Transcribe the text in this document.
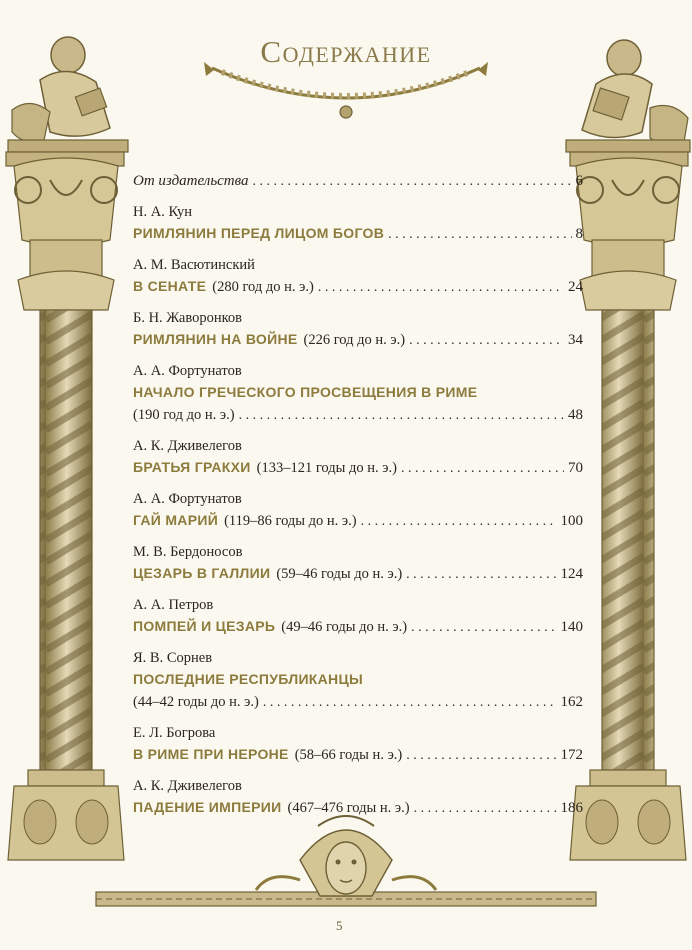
Содержание
От издательства . . .	6
Н. А. Кун
РИМЛЯНИН ПЕРЕД ЛИЦОМ БОГОВ . . .	8
А. М. Васютинский
В СЕНАТЕ (280 год до н. э.) . . .	24
Б. Н. Жаворонков
РИМЛЯНИН НА ВОЙНЕ (226 год до н. э.) . . .	34
А. А. Фортунатов
НАЧАЛО ГРЕЧЕСКОГО ПРОСВЕЩЕНИЯ В РИМЕ
(190 год до н. э.) . . .	48
А. К. Дживелегов
БРАТЬЯ ГРАКХИ (133–121 годы до н. э.) . . .	70
А. А. Фортунатов
ГАЙ МАРИЙ (119–86 годы до н. э.) . . .	100
М. В. Бердоносов
ЦЕЗАРЬ В ГАЛЛИИ (59–46 годы до н. э.) . . .	124
А. А. Петров
ПОМПЕЙ И ЦЕЗАРЬ (49–46 годы до н. э.) . . .	140
Я. В. Сорнев
ПОСЛЕДНИЕ РЕСПУБЛИКАНЦЫ
(44–42 годы до н. э.) . . .	162
Е. Л. Богрова
В РИМЕ ПРИ НЕРОНЕ (58–66 годы н. э.) . . .	172
А. К. Дживелегов
ПАДЕНИЕ ИМПЕРИИ (467–476 годы н. э.) . . .	186
5
